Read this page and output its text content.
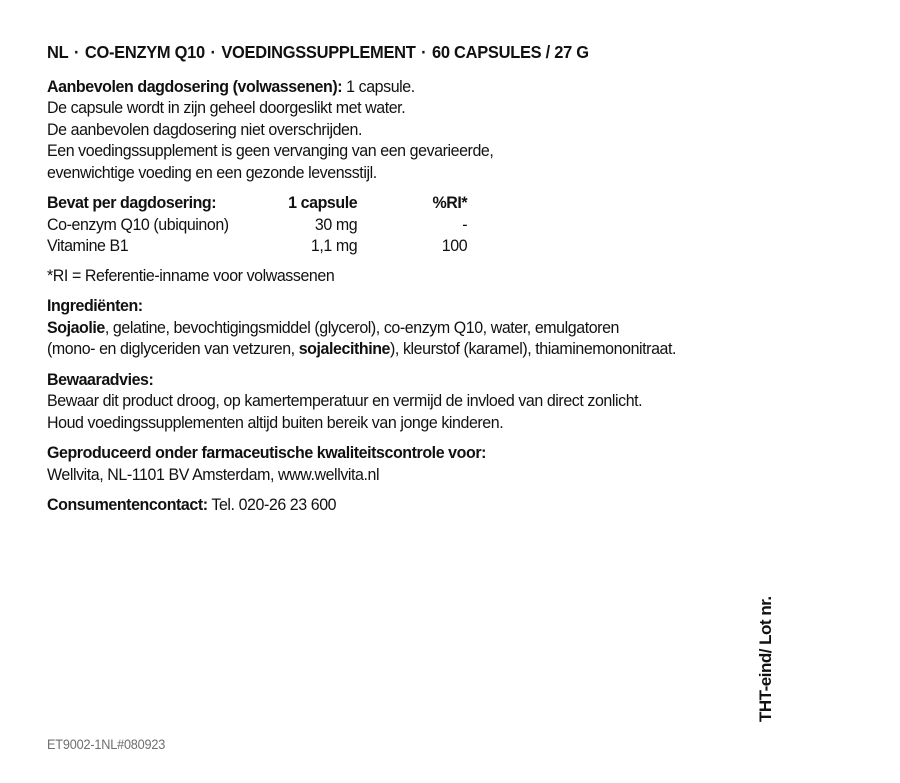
NL · CO-ENZYM Q10 · VOEDINGSSUPPLEMENT · 60 CAPSULES / 27 G
Aanbevolen dagdosering (volwassenen): 1 capsule.
De capsule wordt in zijn geheel doorgeslikt met water.
De aanbevolen dagdosering niet overschrijden.
Een voedingssupplement is geen vervanging van een gevarieerde,
evenwichtige voeding en een gezonde levensstijl.
Bevat per dagdosering:	1 capsule	%RI*
Co-enzym Q10 (ubiquinon)	30 mg	-
Vitamine B1	1,1 mg	100
*RI = Referentie-inname voor volwassenen
Ingrediënten:
Sojaolie, gelatine, bevochtigingsmiddel (glycerol), co-enzym Q10, water, emulgatoren
(mono- en diglyceriden van vetzuren, sojalecithine), kleurstof (karamel), thiaminemononitraat.
Bewaaradvies:
Bewaar dit product droog, op kamertemperatuur en vermijd de invloed van direct zonlicht.
Houd voedingssupplementen altijd buiten bereik van jonge kinderen.
Geproduceerd onder farmaceutische kwaliteitscontrole voor:
Wellvita, NL-1101 BV Amsterdam, www.wellvita.nl
Consumentencontact: Tel. 020-26 23 600
THT-eind/ Lot nr.
ET9002-1NL#080923
